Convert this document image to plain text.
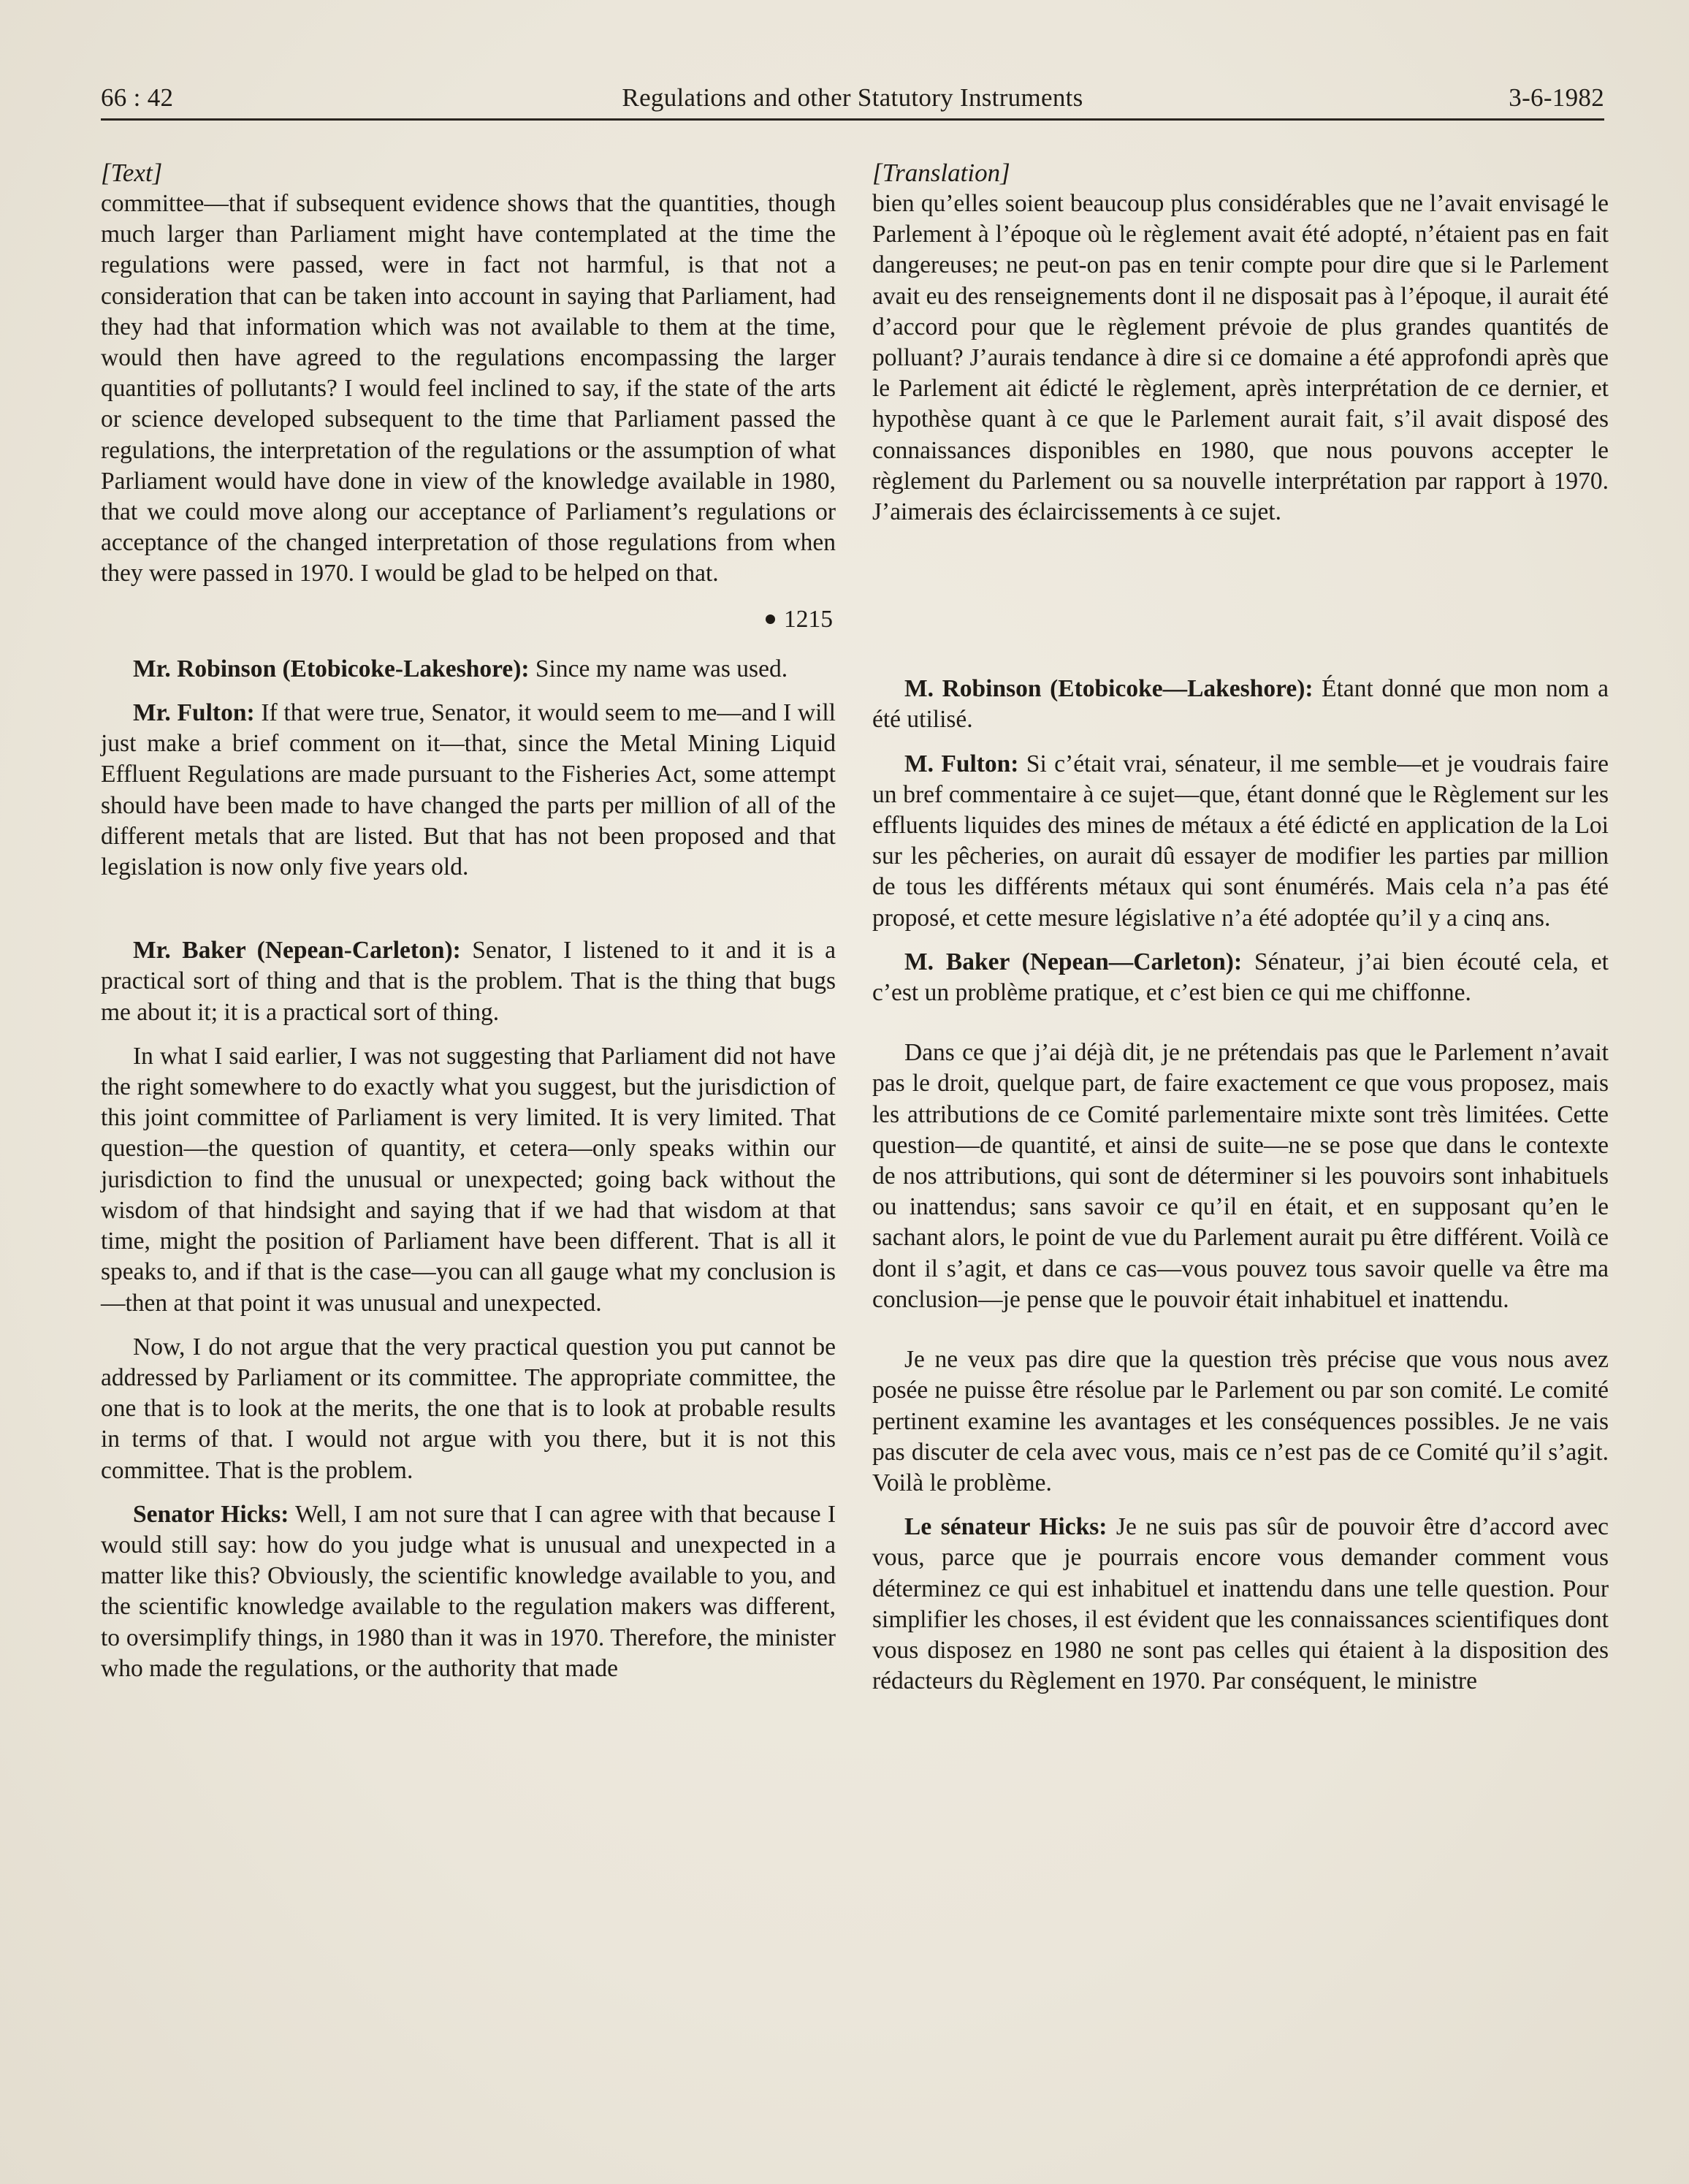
66 : 42	Regulations and other Statutory Instruments	3-6-1982

[Text]

committee—that if subsequent evidence shows that the quantities, though much larger than Parliament might have contemplated at the time the regulations were passed, were in fact not harmful, is that not a consideration that can be taken into account in saying that Parliament, had they had that information which was not available to them at the time, would then have agreed to the regulations encompassing the larger quantities of pollutants? I would feel inclined to say, if the state of the arts or science developed subsequent to the time that Parliament passed the regulations, the interpretation of the regulations or the assumption of what Parliament would have done in view of the knowledge available in 1980, that we could move along our acceptance of Parliament’s regulations or acceptance of the changed interpretation of those regulations from when they were passed in 1970. I would be glad to be helped on that.

1215

Mr. Robinson (Etobicoke-Lakeshore): Since my name was used.

Mr. Fulton: If that were true, Senator, it would seem to me—and I will just make a brief comment on it—that, since the Metal Mining Liquid Effluent Regulations are made pursuant to the Fisheries Act, some attempt should have been made to have changed the parts per million of all of the different metals that are listed. But that has not been proposed and that legislation is now only five years old.

Mr. Baker (Nepean-Carleton): Senator, I listened to it and it is a practical sort of thing and that is the problem. That is the thing that bugs me about it; it is a practical sort of thing.

In what I said earlier, I was not suggesting that Parliament did not have the right somewhere to do exactly what you suggest, but the jurisdiction of this joint committee of Parliament is very limited. It is very limited. That question—the question of quantity, et cetera—only speaks within our jurisdiction to find the unusual or unexpected; going back without the wisdom of that hindsight and saying that if we had that wisdom at that time, might the position of Parliament have been different. That is all it speaks to, and if that is the case—you can all gauge what my conclusion is—then at that point it was unusual and unexpected.

Now, I do not argue that the very practical question you put cannot be addressed by Parliament or its committee. The appropriate committee, the one that is to look at the merits, the one that is to look at probable results in terms of that. I would not argue with you there, but it is not this committee. That is the problem.

Senator Hicks: Well, I am not sure that I can agree with that because I would still say: how do you judge what is unusual and unexpected in a matter like this? Obviously, the scientific knowledge available to you, and the scientific knowledge available to the regulation makers was different, to oversimplify things, in 1980 than it was in 1970. Therefore, the minister who made the regulations, or the authority that made

[Translation]

bien qu’elles soient beaucoup plus considérables que ne l’avait envisagé le Parlement à l’époque où le règlement avait été adopté, n’étaient pas en fait dangereuses; ne peut-on pas en tenir compte pour dire que si le Parlement avait eu des renseignements dont il ne disposait pas à l’époque, il aurait été d’accord pour que le règlement prévoie de plus grandes quantités de polluant? J’aurais tendance à dire si ce domaine a été approfondi après que le Parlement ait édicté le règlement, après interprétation de ce dernier, et hypothèse quant à ce que le Parlement aurait fait, s’il avait disposé des connaissances disponibles en 1980, que nous pouvons accepter le règlement du Parlement ou sa nouvelle interprétation par rapport à 1970. J’aimerais des éclaircissements à ce sujet.

M. Robinson (Etobicoke—Lakeshore): Étant donné que mon nom a été utilisé.

M. Fulton: Si c’était vrai, sénateur, il me semble—et je voudrais faire un bref commentaire à ce sujet—que, étant donné que le Règlement sur les effluents liquides des mines de métaux a été édicté en application de la Loi sur les pêcheries, on aurait dû essayer de modifier les parties par million de tous les différents métaux qui sont énumérés. Mais cela n’a pas été proposé, et cette mesure législative n’a été adoptée qu’il y a cinq ans.

M. Baker (Nepean—Carleton): Sénateur, j’ai bien écouté cela, et c’est un problème pratique, et c’est bien ce qui me chiffonne.

Dans ce que j’ai déjà dit, je ne prétendais pas que le Parlement n’avait pas le droit, quelque part, de faire exactement ce que vous proposez, mais les attributions de ce Comité parlementaire mixte sont très limitées. Cette question—de quantité, et ainsi de suite—ne se pose que dans le contexte de nos attributions, qui sont de déterminer si les pouvoirs sont inhabituels ou inattendus; sans savoir ce qu’il en était, et en supposant qu’en le sachant alors, le point de vue du Parlement aurait pu être différent. Voilà ce dont il s’agit, et dans ce cas—vous pouvez tous savoir quelle va être ma conclusion—je pense que le pouvoir était inhabituel et inattendu.

Je ne veux pas dire que la question très précise que vous nous avez posée ne puisse être résolue par le Parlement ou par son comité. Le comité pertinent examine les avantages et les conséquences possibles. Je ne vais pas discuter de cela avec vous, mais ce n’est pas de ce Comité qu’il s’agit. Voilà le problème.

Le sénateur Hicks: Je ne suis pas sûr de pouvoir être d’accord avec vous, parce que je pourrais encore vous demander comment vous déterminez ce qui est inhabituel et inattendu dans une telle question. Pour simplifier les choses, il est évident que les connaissances scientifiques dont vous disposez en 1980 ne sont pas celles qui étaient à la disposition des rédacteurs du Règlement en 1970. Par conséquent, le ministre
